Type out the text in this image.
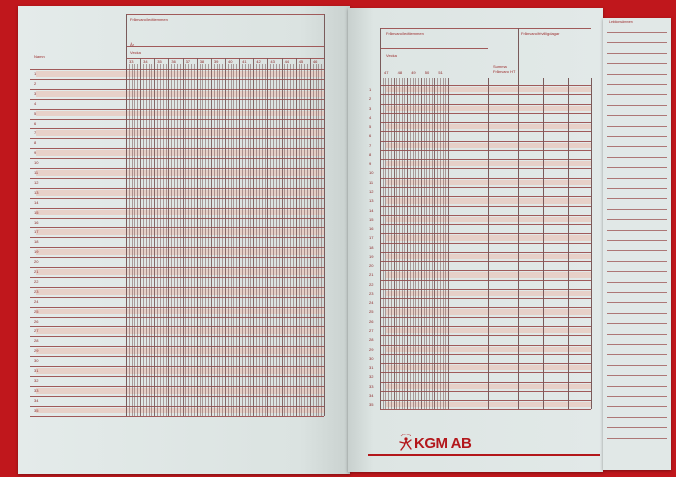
Frånvaro/ledtiemmen
År
Vecka
Namn
33 34 35 36 37 38 39 40 41 42 43 44 45 46
1
2
3
4
5
6
7
8
9
10
11
12
13
14
15
16
17
18
19
20
21
22
23
24
25
26
27
28
29
30
31
32
33
34
35
Frånvaro/ledtiemmen	Frånvaro/frivilligdagar
Vecka
Summa
Frånvaro HT
47 48 49 50 51
1
2
3
4
5
6
7
8
9
10
11
12
13
14
15
16
17
18
19
20
21
22
23
24
25
26
27
28
29
30
31
32
33
34
35
KGM AB
Lektionsämnen
